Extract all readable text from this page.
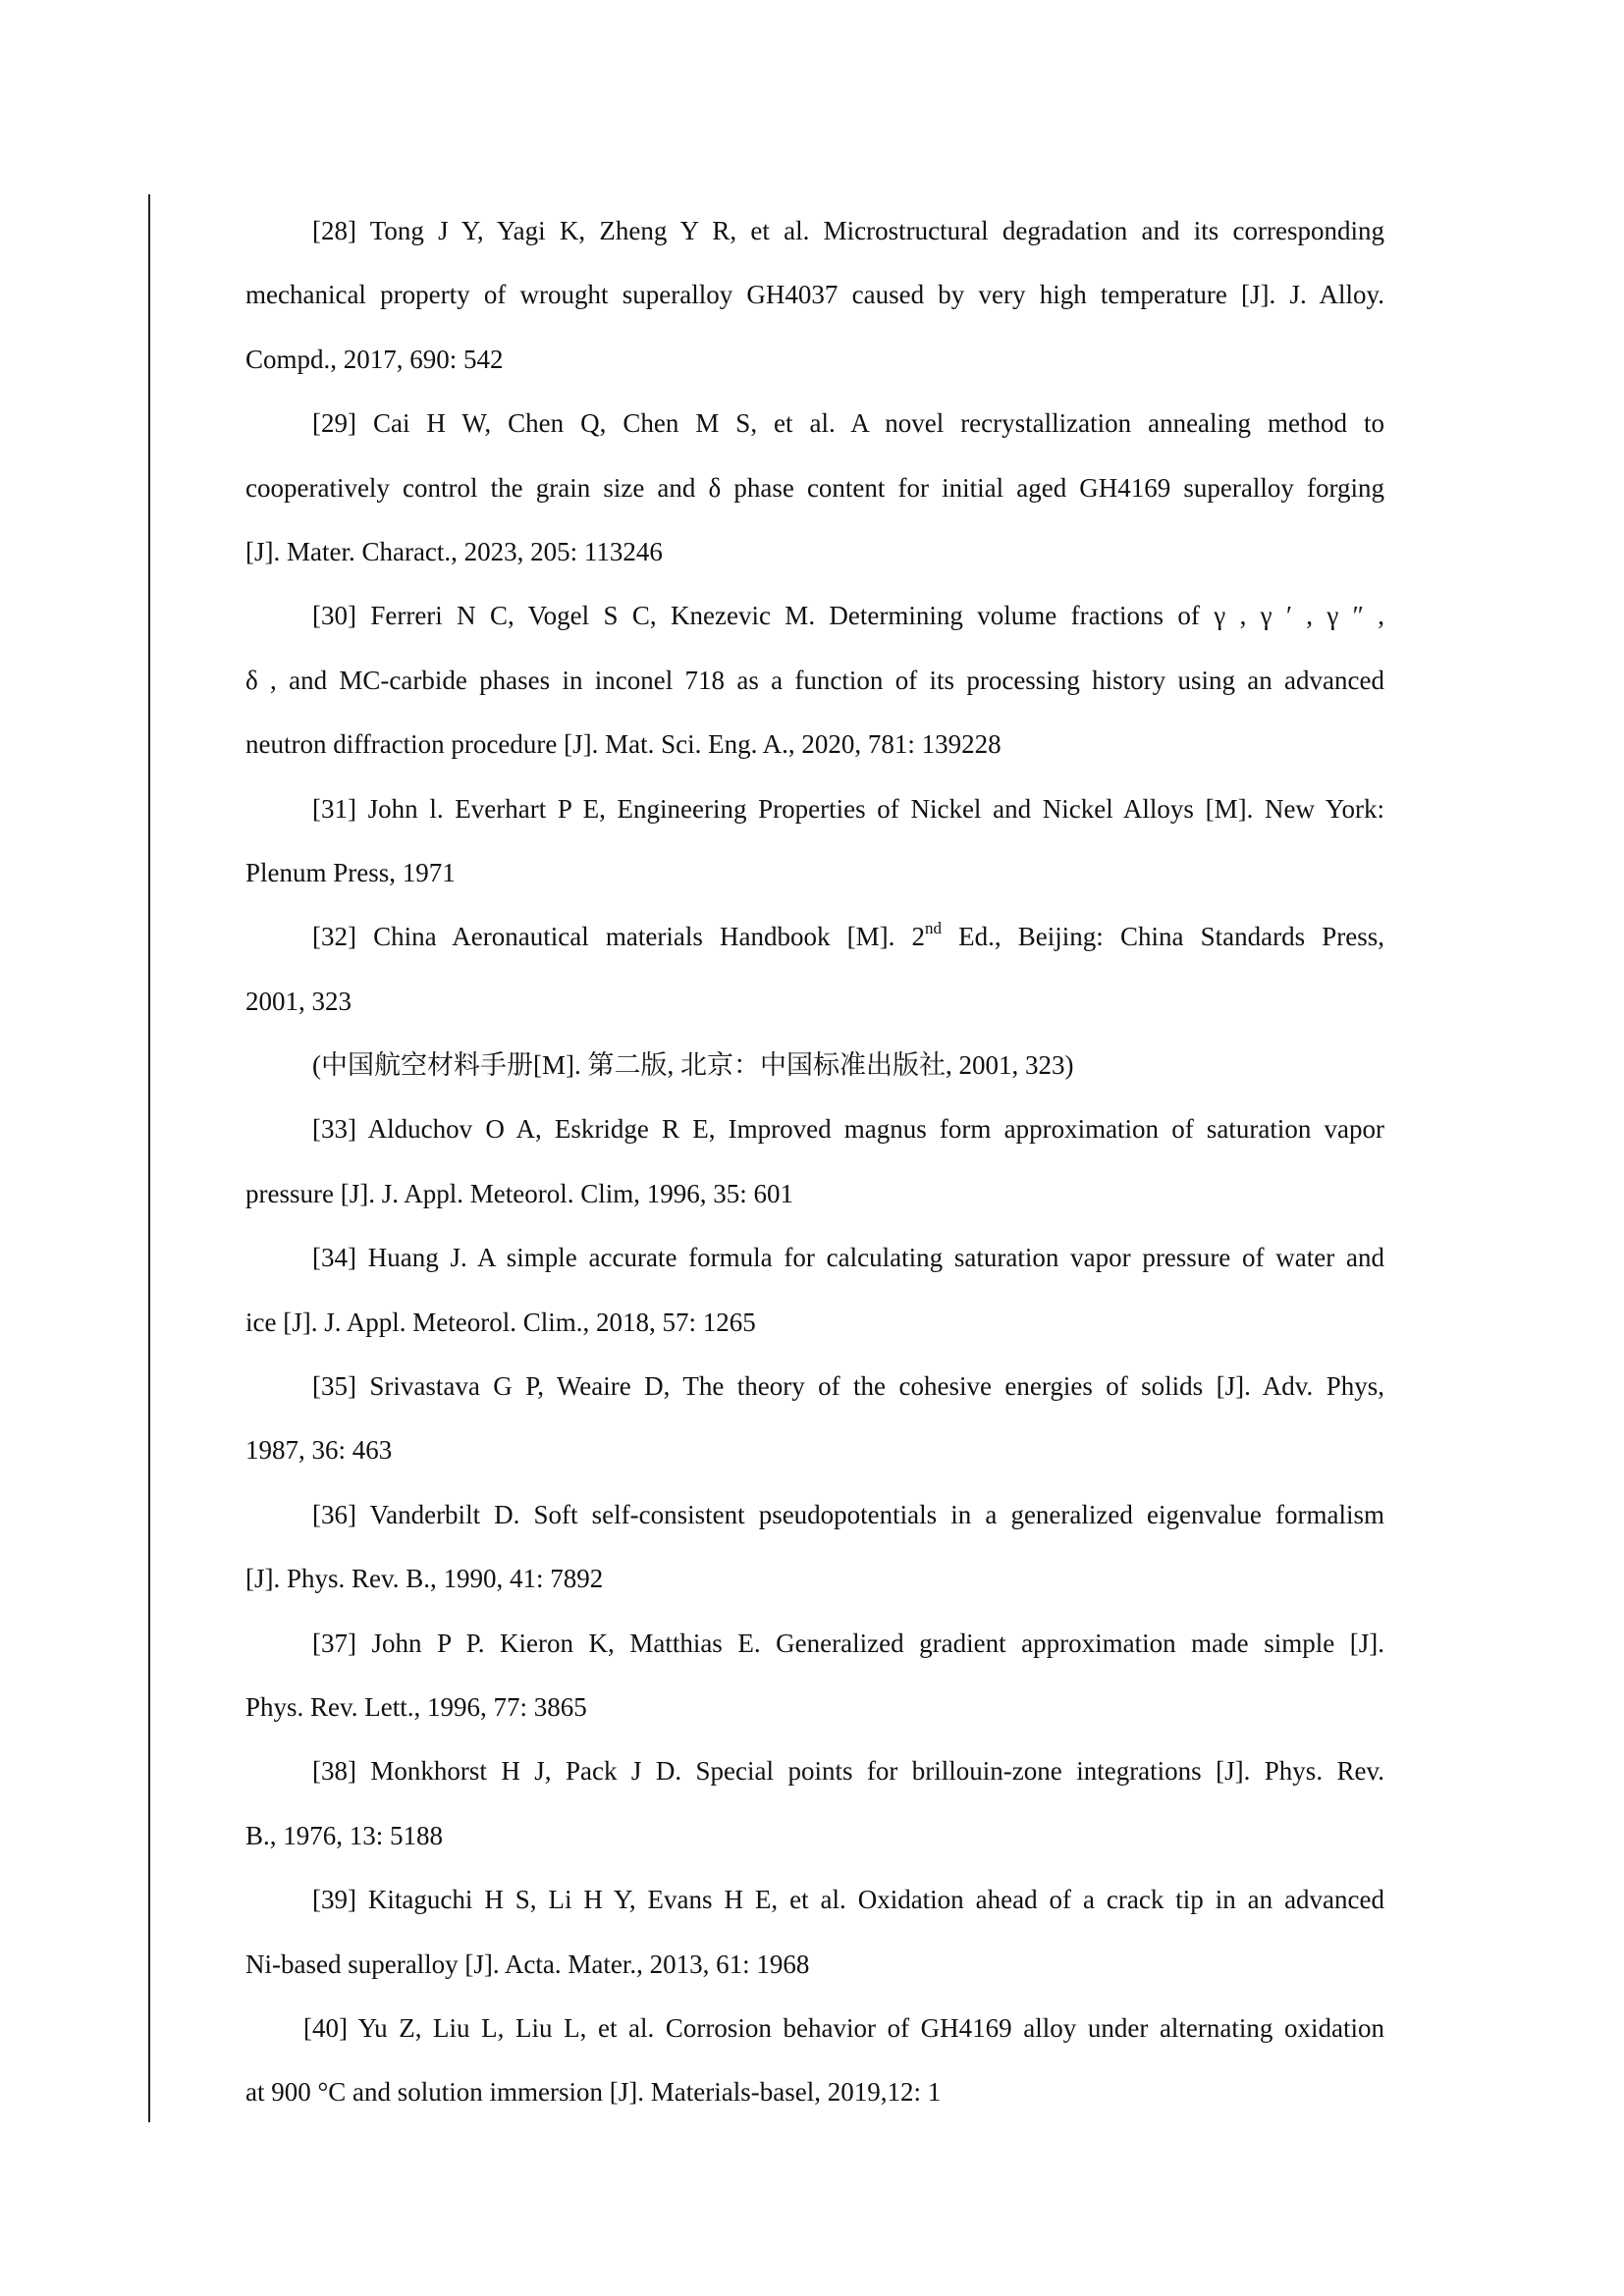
[28] Tong J Y, Yagi K, Zheng Y R, et al. Microstructural degradation and its corresponding
mechanical property of wrought superalloy GH4037 caused by very high temperature [J]. J. Alloy.
Compd., 2017, 690: 542
[29] Cai H W, Chen Q, Chen M S, et al. A novel recrystallization annealing method to
cooperatively control the grain size and δ phase content for initial aged GH4169 superalloy forging
[J]. Mater. Charact., 2023, 205: 113246
[30] Ferreri N C, Vogel S C, Knezevic M. Determining volume fractions of γ , γ ′ , γ ″ ,
δ , and MC-carbide phases in inconel 718 as a function of its processing history using an advanced
neutron diffraction procedure [J]. Mat. Sci. Eng. A., 2020, 781: 139228
[31] John l. Everhart P E, Engineering Properties of Nickel and Nickel Alloys [M]. New York:
Plenum Press, 1971
[32] China Aeronautical materials Handbook [M]. 2nd Ed., Beijing: China Standards Press,
2001, 323
(中国航空材料手册[M]. 第二版, 北京：中国标准出版社, 2001, 323)
[33] Alduchov O A, Eskridge R E, Improved magnus form approximation of saturation vapor
pressure [J]. J. Appl. Meteorol. Clim, 1996, 35: 601
[34] Huang J. A simple accurate formula for calculating saturation vapor pressure of water and
ice [J]. J. Appl. Meteorol. Clim., 2018, 57: 1265
[35] Srivastava G P, Weaire D, The theory of the cohesive energies of solids [J]. Adv. Phys,
1987, 36: 463
[36] Vanderbilt D. Soft self-consistent pseudopotentials in a generalized eigenvalue formalism
[J]. Phys. Rev. B., 1990, 41: 7892
[37] John P P. Kieron K, Matthias E. Generalized gradient approximation made simple [J].
Phys. Rev. Lett., 1996, 77: 3865
[38] Monkhorst H J, Pack J D. Special points for brillouin-zone integrations [J]. Phys. Rev.
B., 1976, 13: 5188
[39] Kitaguchi H S, Li H Y, Evans H E, et al. Oxidation ahead of a crack tip in an advanced
Ni-based superalloy [J]. Acta. Mater., 2013, 61: 1968
[40] Yu Z, Liu L, Liu L, et al. Corrosion behavior of GH4169 alloy under alternating oxidation
at 900 °C and solution immersion [J]. Materials-basel, 2019,12: 1
